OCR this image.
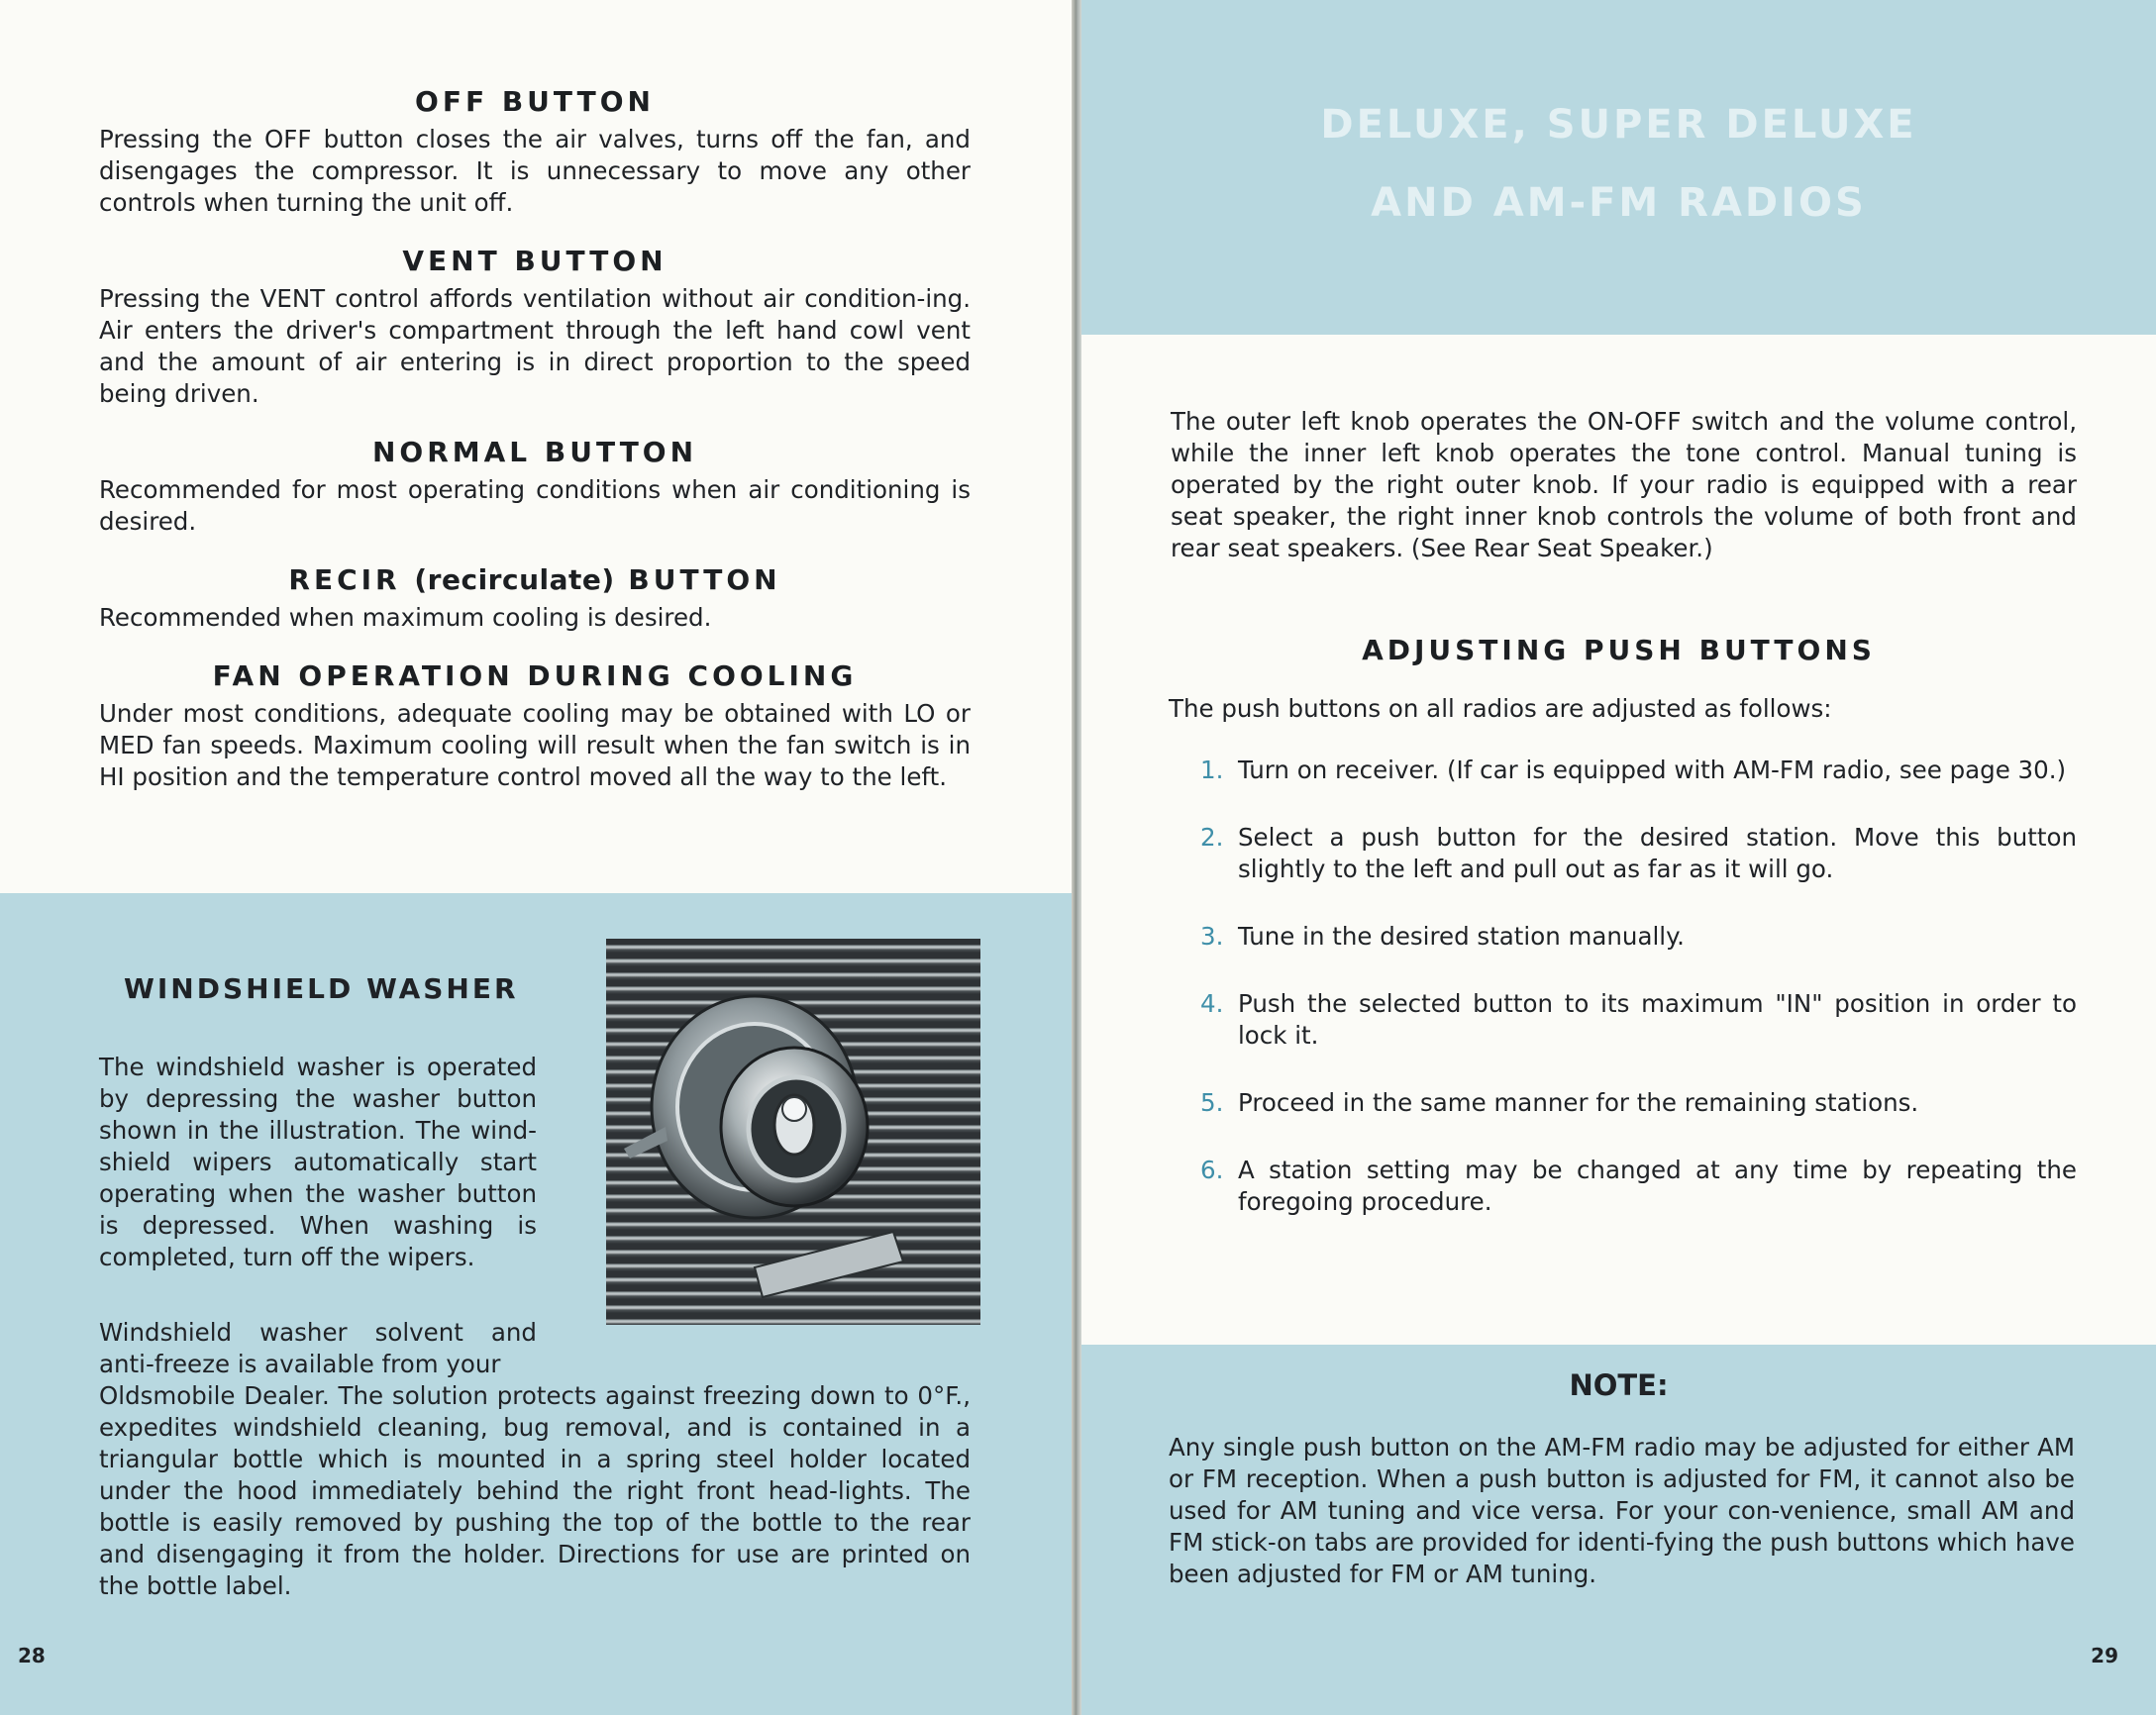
OFF BUTTON

Pressing the OFF button closes the air valves, turns off the fan, and disengages the compressor. It is unnecessary to move any other controls when turning the unit off.

VENT BUTTON

Pressing the VENT control affords ventilation without air condition-ing. Air enters the driver's compartment through the left hand cowl vent and the amount of air entering is in direct proportion to the speed being driven.

NORMAL BUTTON

Recommended for most operating conditions when air conditioning is desired.

RECIR (recirculate) BUTTON

Recommended when maximum cooling is desired.

FAN OPERATION DURING COOLING

Under most conditions, adequate cooling may be obtained with LO or MED fan speeds. Maximum cooling will result when the fan switch is in HI position and the temperature control moved all the way to the left.

WINDSHIELD WASHER

The windshield washer is operated by depressing the washer button shown in the illustration. The wind-shield wipers automatically start operating when the washer button is depressed. When washing is completed, turn off the wipers.

Windshield washer solvent and anti-freeze is available from your

Oldsmobile Dealer. The solution protects against freezing down to 0°F., expedites windshield cleaning, bug removal, and is contained in a triangular bottle which is mounted in a spring steel holder located under the hood immediately behind the right front head-lights. The bottle is easily removed by pushing the top of the bottle to the rear and disengaging it from the holder. Directions for use are printed on the bottle label.

28

DELUXE, SUPER DELUXE
AND AM-FM RADIOS

The outer left knob operates the ON-OFF switch and the volume control, while the inner left knob operates the tone control. Manual tuning is operated by the right outer knob. If your radio is equipped with a rear seat speaker, the right inner knob controls the volume of both front and rear seat speakers. (See Rear Seat Speaker.)

ADJUSTING PUSH BUTTONS

The push buttons on all radios are adjusted as follows:

1. Turn on receiver. (If car is equipped with AM-FM radio, see page 30.)

2. Select a push button for the desired station. Move this button slightly to the left and pull out as far as it will go.

3. Tune in the desired station manually.

4. Push the selected button to its maximum "IN" position in order to lock it.

5. Proceed in the same manner for the remaining stations.

6. A station setting may be changed at any time by repeating the foregoing procedure.

NOTE:

Any single push button on the AM-FM radio may be adjusted for either AM or FM reception. When a push button is adjusted for FM, it cannot also be used for AM tuning and vice versa. For your con-venience, small AM and FM stick-on tabs are provided for identi-fying the push buttons which have been adjusted for FM or AM tuning.

29
